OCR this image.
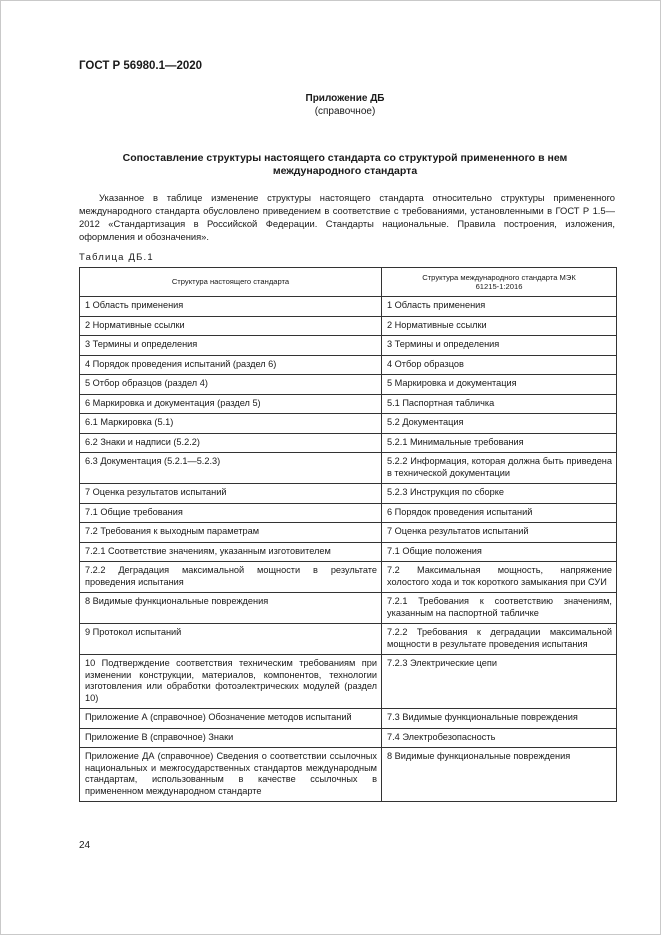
ГОСТ Р 56980.1—2020
Приложение ДБ
(справочное)
Сопоставление структуры настоящего стандарта со структурой примененного в нем международного стандарта
Указанное в таблице изменение структуры настоящего стандарта относительно структуры примененного международного стандарта обусловлено приведением в соответствие с требованиями, установленными в ГОСТ Р 1.5—2012 «Стандартизация в Российской Федерации. Стандарты национальные. Правила построения, изложения, оформления и обозначения».
Таблица ДБ.1
Структура настоящего стандарта	Структура международного стандарта МЭК 61215-1:2016

1 Область применения	1 Область применения
2 Нормативные ссылки	2 Нормативные ссылки
3 Термины и определения	3 Термины и определения
4 Порядок проведения испытаний (раздел 6)	4 Отбор образцов
5 Отбор образцов (раздел 4)	5 Маркировка и документация
6 Маркировка и документация (раздел 5)	5.1 Паспортная табличка
6.1 Маркировка (5.1)	5.2 Документация
6.2 Знаки и надписи (5.2.2)	5.2.1 Минимальные требования
6.3 Документация (5.2.1—5.2.3)	5.2.2 Информация, которая должна быть приведена в технической документации
7 Оценка результатов испытаний	5.2.3 Инструкция по сборке
7.1 Общие требования	6 Порядок проведения испытаний
7.2 Требования к выходным параметрам	7 Оценка результатов испытаний
7.2.1 Соответствие значениям, указанным изготовителем	7.1 Общие положения
7.2.2 Деградация максимальной мощности в результате проведения испытания	7.2 Максимальная мощность, напряжение холостого хода и ток короткого замыкания при СУИ
8 Видимые функциональные повреждения	7.2.1 Требования к соответствию значениям, указанным на паспортной табличке
9 Протокол испытаний	7.2.2 Требования к деградации максимальной мощности в результате проведения испытания
10 Подтверждение соответствия техническим требованиям при изменении конструкции, материалов, компонентов, технологии изготовления или обработки фотоэлектрических модулей (раздел 10)	7.2.3 Электрические цепи
Приложение А (справочное) Обозначение методов испытаний	7.3 Видимые функциональные повреждения
Приложение В (справочное) Знаки	7.4 Электробезопасность
Приложение ДА (справочное) Сведения о соответствии ссылочных национальных и межгосударственных стандартов международным стандартам, использованным в качестве ссылочных в примененном международном стандарте	8 Видимые функциональные повреждения
24
